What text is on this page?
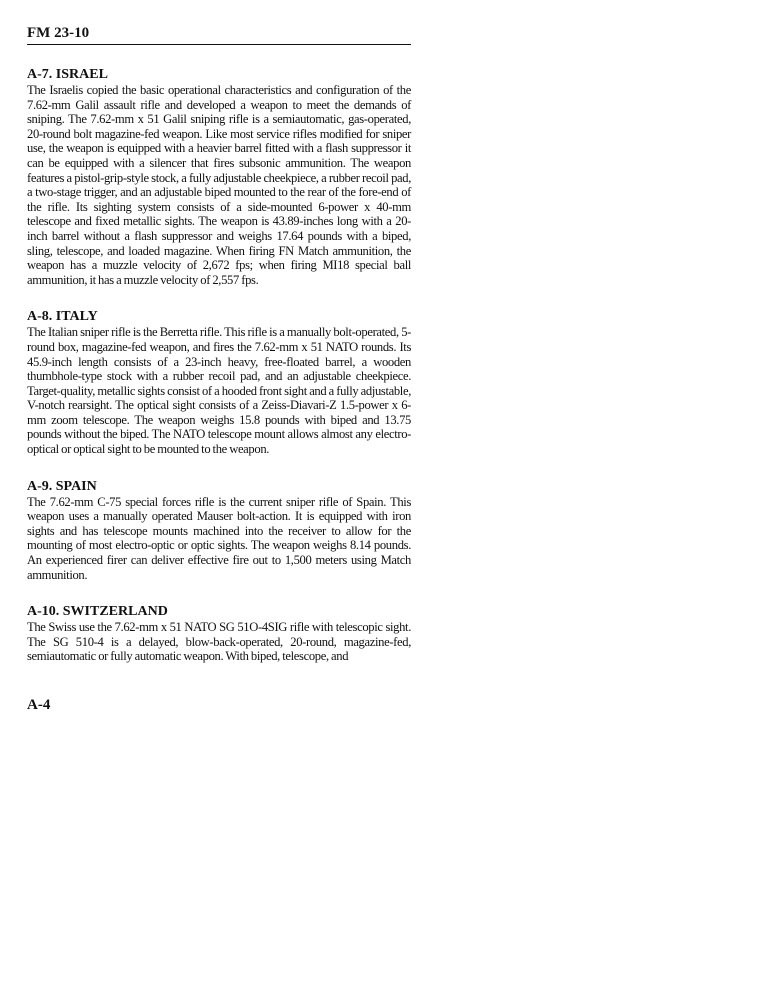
FM 23-10

A-7. ISRAEL

The Israelis copied the basic operational characteristics and configuration of the 7.62-mm Galil assault rifle and developed a weapon to meet the demands of sniping. The 7.62-mm x 51 Galil sniping rifle is a semiautomatic, gas-operated, 20-round bolt magazine-fed weapon. Like most service rifles modified for sniper use, the weapon is equipped with a heavier barrel fitted with a flash suppressor it can be equipped with a silencer that fires subsonic ammunition. The weapon features a pistol-grip-style stock, a fully adjustable cheekpiece, a rubber recoil pad, a two-stage trigger, and an adjustable biped mounted to the rear of the fore-end of the rifle. Its sighting system consists of a side-mounted 6-power x 40-mm telescope and fixed metallic sights. The weapon is 43.89-inches long with a 20-inch barrel without a flash suppressor and weighs 17.64 pounds with a biped, sling, telescope, and loaded magazine. When firing FN Match ammunition, the weapon has a muzzle velocity of 2,672 fps; when firing MI18 special ball ammunition, it has a muzzle velocity of 2,557 fps.

A-8. ITALY

The Italian sniper rifle is the Berretta rifle. This rifle is a manually bolt-operated, 5-round box, magazine-fed weapon, and fires the 7.62-mm x 51 NATO rounds. Its 45.9-inch length consists of a 23-inch heavy, free-floated barrel, a wooden thumbhole-type stock with a rubber recoil pad, and an adjustable cheekpiece. Target-quality, metallic sights consist of a hooded front sight and a fully adjustable, V-notch rearsight. The optical sight consists of a Zeiss-Diavari-Z 1.5-power x 6-mm zoom telescope. The weapon weighs 15.8 pounds with biped and 13.75 pounds without the biped. The NATO telescope mount allows almost any electro-optical or optical sight to be mounted to the weapon.

A-9. SPAIN

The 7.62-mm C-75 special forces rifle is the current sniper rifle of Spain. This weapon uses a manually operated Mauser bolt-action. It is equipped with iron sights and has telescope mounts machined into the receiver to allow for the mounting of most electro-optic or optic sights. The weapon weighs 8.14 pounds. An experienced firer can deliver effective fire out to 1,500 meters using Match ammunition.

A-10. SWITZERLAND

The Swiss use the 7.62-mm x 51 NATO SG 51O-4SIG rifle with telescopic sight. The SG 510-4 is a delayed, blow-back-operated, 20-round, magazine-fed, semiautomatic or fully automatic weapon. With biped, telescope, and

A-4
